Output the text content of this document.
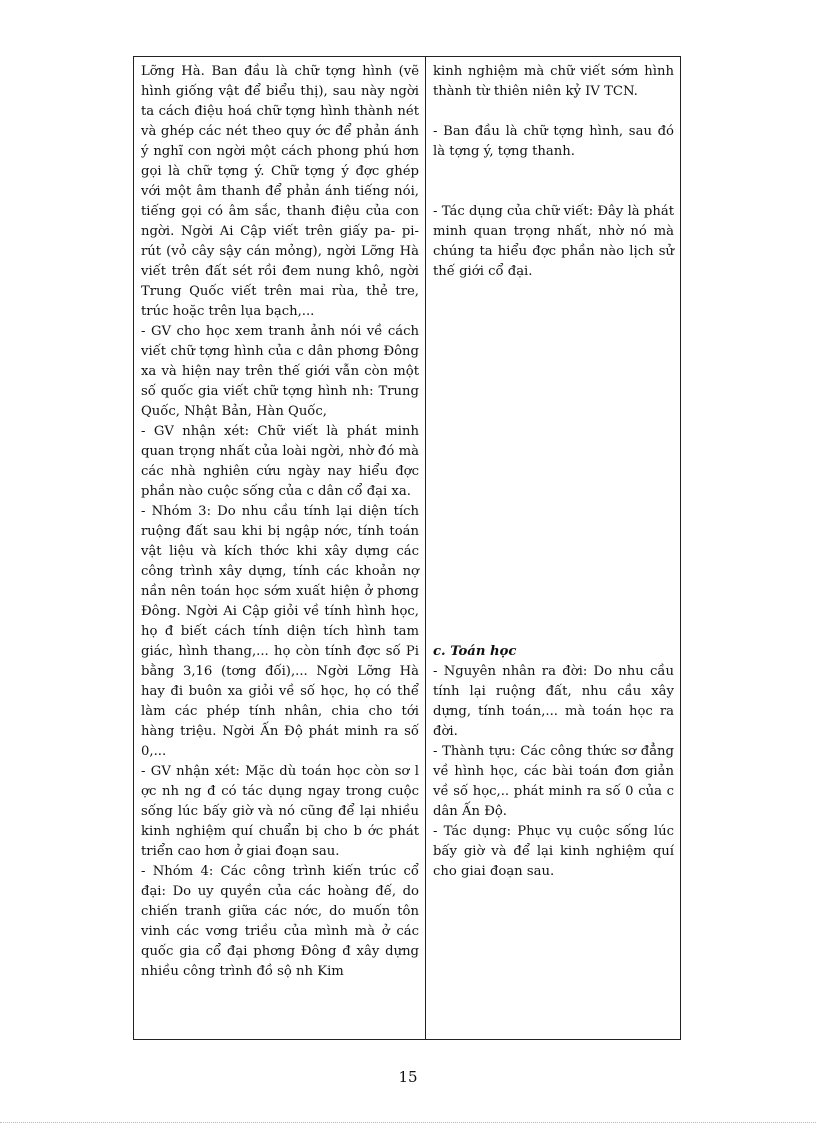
Lỡng Hà. Ban đầu là chữ tợng hình (vẽ hình giống vật để biểu thị), sau này ngời ta cách điệu hoá chữ tợng hình thành nét và ghép các nét theo quy ớc để phản ánh ý nghĩ con ngời một cách phong phú hơn gọi là chữ tợng ý. Chữ tợng ý đợc ghép với một âm thanh để phản ánh tiếng nói, tiếng gọi có âm sắc, thanh điệu của con ngời. Ngời Ai Cập viết trên giấy pa- pi- rút (vỏ cây sậy cán mỏng), ngời Lỡng Hà viết trên đất sét rồi đem nung khô, ngời Trung Quốc viết trên mai rùa, thẻ tre, trúc hoặc trên lụa bạch,...

- GV cho học xem tranh ảnh nói về cách viết chữ tợng hình của c dân phơng Đông xa và hiện nay trên thế giới vẫn còn một số quốc gia viết chữ tợng hình nh: Trung Quốc, Nhật Bản, Hàn Quốc,

- GV nhận xét: Chữ viết là phát minh quan trọng nhất của loài ngời, nhờ đó mà các nhà nghiên cứu ngày nay hiểu đợc phần nào cuộc sống của c dân cổ đại xa.

- Nhóm 3: Do nhu cầu tính lại diện tích ruộng đất sau khi bị ngập nớc, tính toán vật liệu và kích thớc khi xây dựng các công trình xây dựng, tính các khoản nợ nần nên toán học sớm xuất hiện ở phơng Đông. Ngời Ai Cập giỏi về tính hình học, họ đ biết cách tính diện tích hình tam giác, hình thang,... họ còn tính đợc số Pi bằng 3,16 (tơng đối),... Ngời Lỡng Hà hay đi buôn xa giỏi về số học, họ có thể làm các phép tính nhân, chia cho tới hàng triệu. Ngời Ấn Độ phát minh ra số 0,...

- GV nhận xét: Mặc dù toán học còn sơ l ợc nh ng đ có tác dụng ngay trong cuộc sống lúc bấy giờ và nó cũng để lại nhiều kinh nghiệm quí chuẩn bị cho b ớc phát triển cao hơn ở giai đoạn sau.

- Nhóm 4: Các công trình kiến trúc cổ đại: Do uy quyền của các hoàng đế, do chiến tranh giữa các nớc, do muốn tôn vinh các vơng triều của mình mà ở các quốc gia cổ đại phơng Đông đ xây dựng nhiều công trình đồ sộ nh Kim

kinh nghiệm mà chữ viết sớm hình thành từ thiên niên kỷ IV TCN.

- Ban đầu là chữ tợng hình, sau đó là tợng ý, tợng thanh.

- Tác dụng của chữ viết: Đây là phát minh quan trọng nhất, nhờ nó mà chúng ta hiểu đợc phần nào lịch sử thế giới cổ đại.

c. Toán học

- Nguyên nhân ra đời: Do nhu cầu tính lại ruộng đất, nhu cầu xây dựng, tính toán,... mà toán học ra đời.

- Thành tựu: Các công thức sơ đẳng về hình học, các bài toán đơn giản về số học,.. phát minh ra số 0 của c dân Ấn Độ.

- Tác dụng: Phục vụ cuộc sống lúc bấy giờ và để lại kinh nghiệm quí cho giai đoạn sau.

15
